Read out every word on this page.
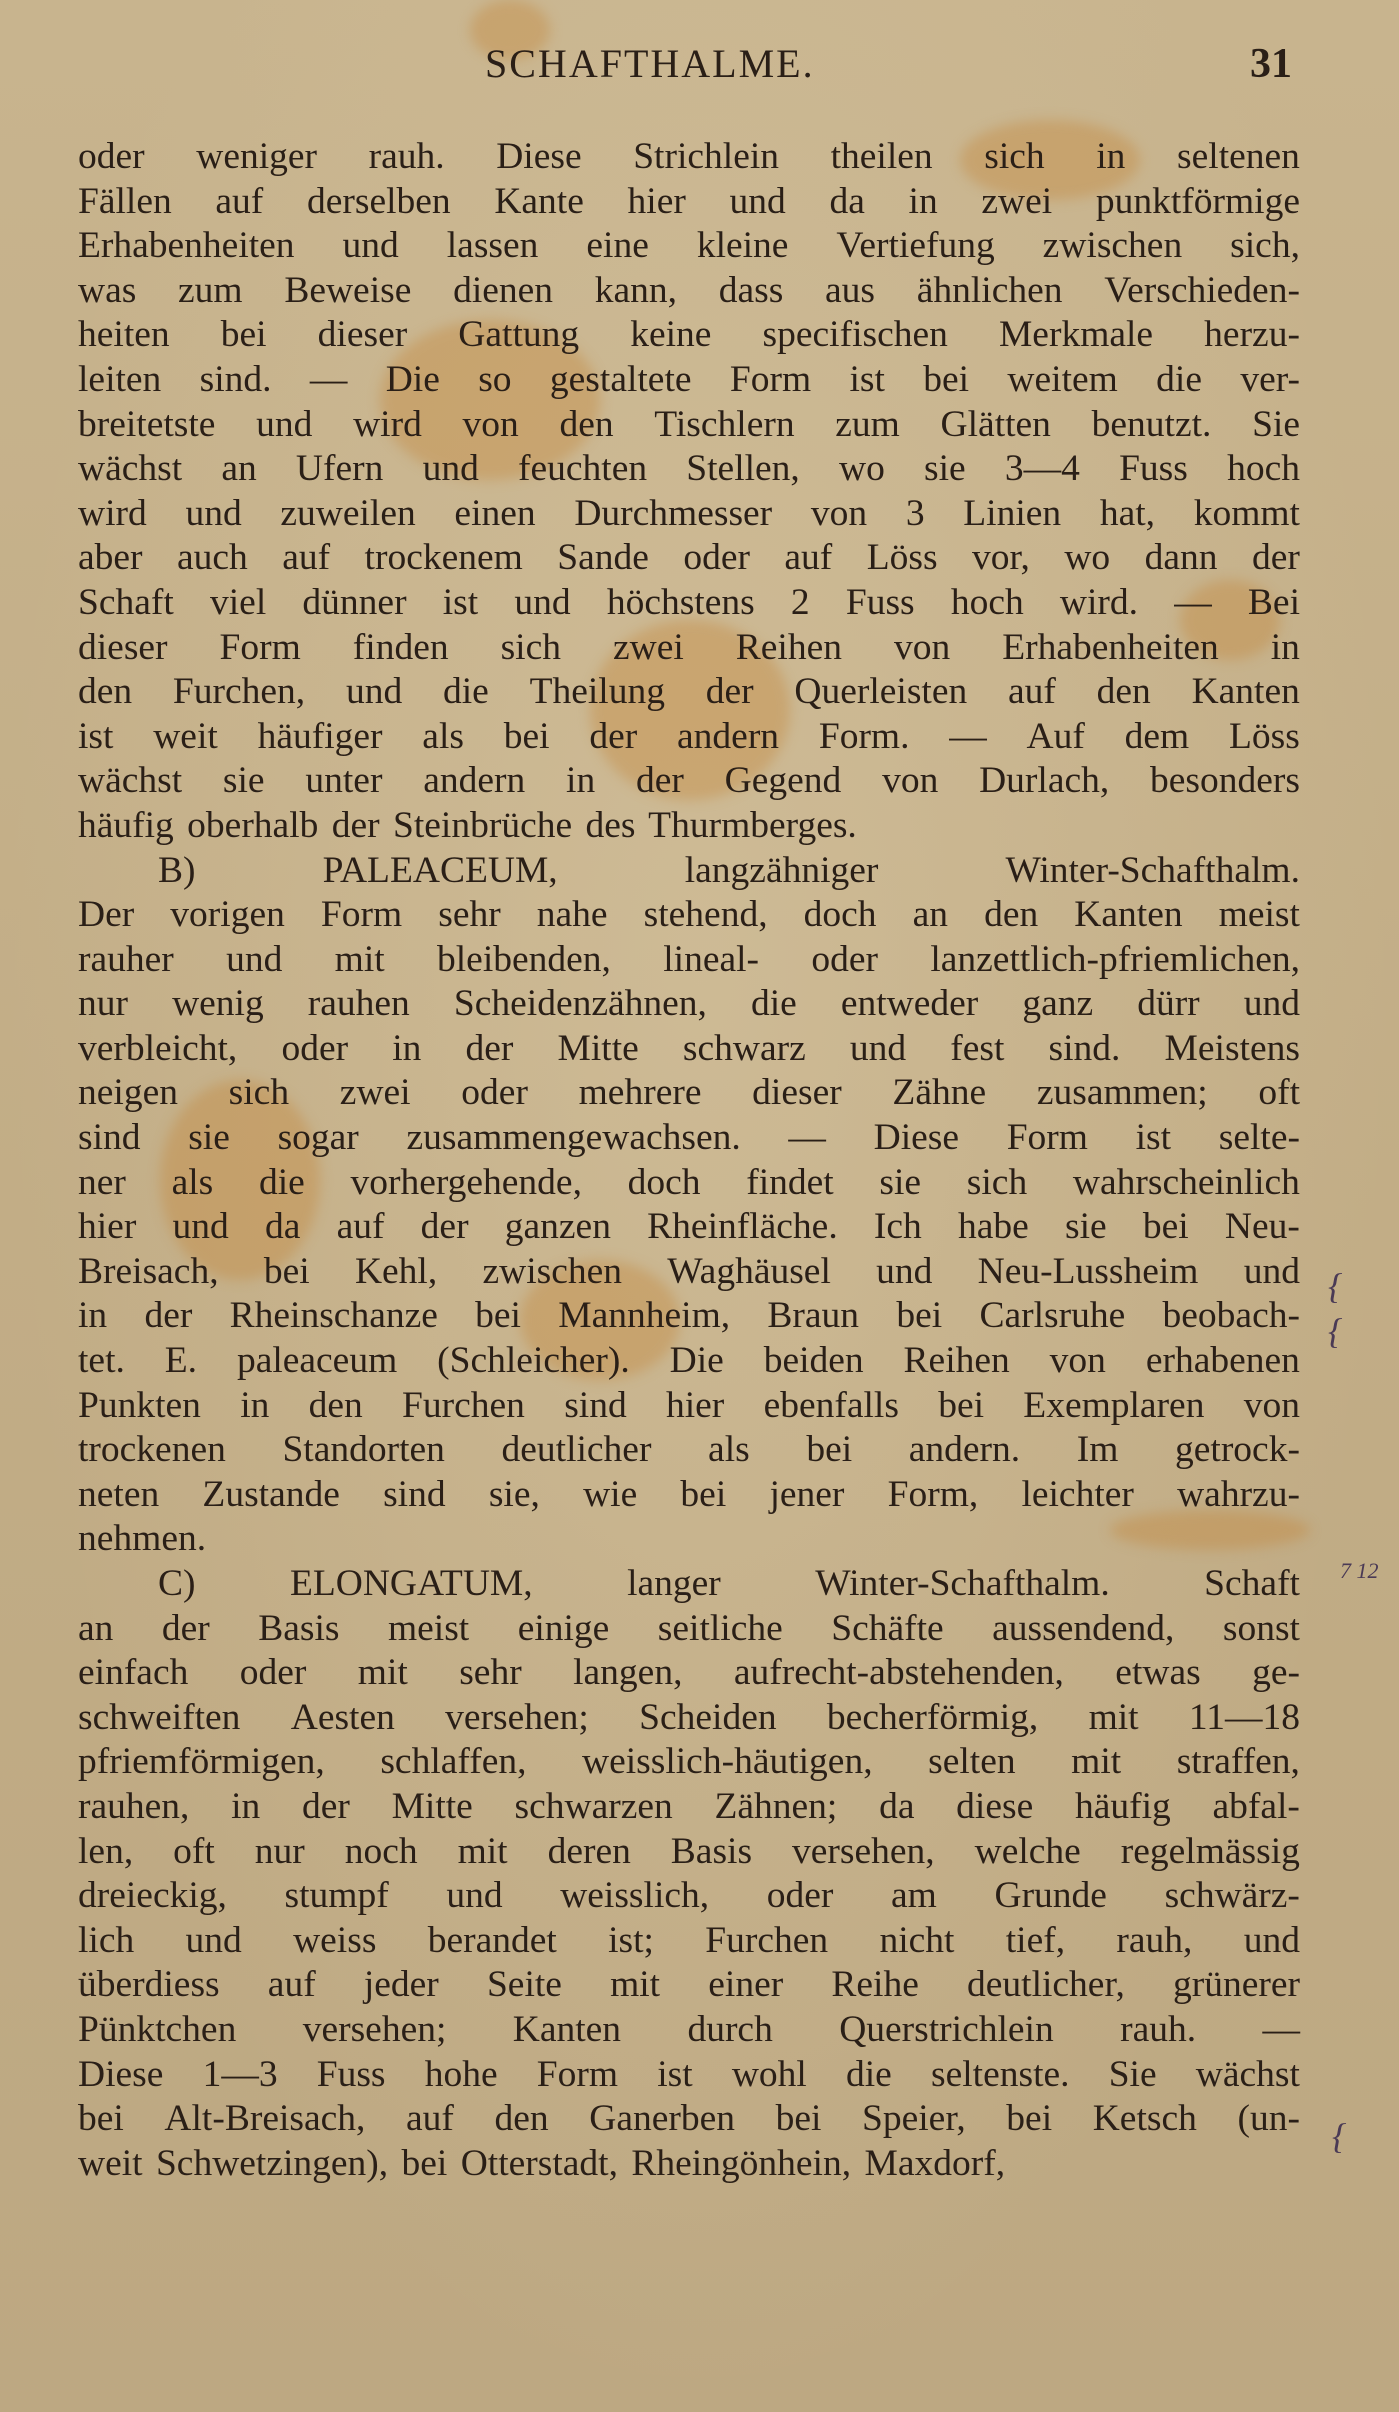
SCHAFTHALME.	31
oder weniger rauh. Diese Strichlein theilen sich in seltenen
Fällen auf derselben Kante hier und da in zwei punktförmige
Erhabenheiten und lassen eine kleine Vertiefung zwischen sich,
was zum Beweise dienen kann, dass aus ähnlichen Verschieden-
heiten bei dieser Gattung keine specifischen Merkmale herzu-
leiten sind. — Die so gestaltete Form ist bei weitem die ver-
breitetste und wird von den Tischlern zum Glätten benutzt. Sie
wächst an Ufern und feuchten Stellen, wo sie 3—4 Fuss hoch
wird und zuweilen einen Durchmesser von 3 Linien hat, kommt
aber auch auf trockenem Sande oder auf Löss vor, wo dann der
Schaft viel dünner ist und höchstens 2 Fuss hoch wird. — Bei
dieser Form finden sich zwei Reihen von Erhabenheiten in
den Furchen, und die Theilung der Querleisten auf den Kanten
ist weit häufiger als bei der andern Form. — Auf dem Löss
wächst sie unter andern in der Gegend von Durlach, besonders
häufig oberhalb der Steinbrüche des Thurmberges.
B)	PALEACEUM,	langzähniger	Winter-Schafthalm.
Der vorigen Form sehr nahe stehend, doch an den Kanten meist
rauher und mit bleibenden, lineal- oder lanzettlich-pfriemlichen,
nur wenig rauhen Scheidenzähnen, die entweder ganz dürr und
verbleicht, oder in der Mitte schwarz und fest sind. Meistens
neigen sich zwei oder mehrere dieser Zähne zusammen; oft
sind sie sogar zusammengewachsen. — Diese Form ist selte-
ner als die vorhergehende, doch findet sie sich wahrscheinlich
hier und da auf der ganzen Rheinfläche. Ich habe sie bei Neu-
Breisach, bei Kehl, zwischen Waghäusel und Neu-Lussheim und
in der Rheinschanze bei Mannheim, Braun bei Carlsruhe beobach-
tet. E. paleaceum (Schleicher). Die beiden Reihen von erhabenen
Punkten in den Furchen sind hier ebenfalls bei Exemplaren von
trockenen Standorten deutlicher als bei andern. Im getrock-
neten Zustande sind sie, wie bei jener Form, leichter wahrzu-
nehmen.
C)	ELONGATUM,	langer	Winter-Schafthalm.	Schaft
an der Basis meist einige seitliche Schäfte aussendend, sonst
einfach oder mit sehr langen, aufrecht-abstehenden, etwas ge-
schweiften Aesten versehen; Scheiden becherförmig, mit 11—18
pfriemförmigen, schlaffen, weisslich-häutigen, selten mit straffen,
rauhen, in der Mitte schwarzen Zähnen; da diese häufig abfal-
len, oft nur noch mit deren Basis versehen, welche regelmässig
dreieckig, stumpf und weisslich, oder am Grunde schwärz-
lich und weiss berandet ist; Furchen nicht tief, rauh, und
überdiess auf jeder Seite mit einer Reihe deutlicher, grünerer
Pünktchen versehen; Kanten durch Querstrichlein rauh. —
Diese 1—3 Fuss hohe Form ist wohl die seltenste. Sie wächst
bei Alt-Breisach, auf den Ganerben bei Speier, bei Ketsch (un-
weit Schwetzingen), bei Otterstadt, Rheingönhein, Maxdorf,
{
{
7 12
{
